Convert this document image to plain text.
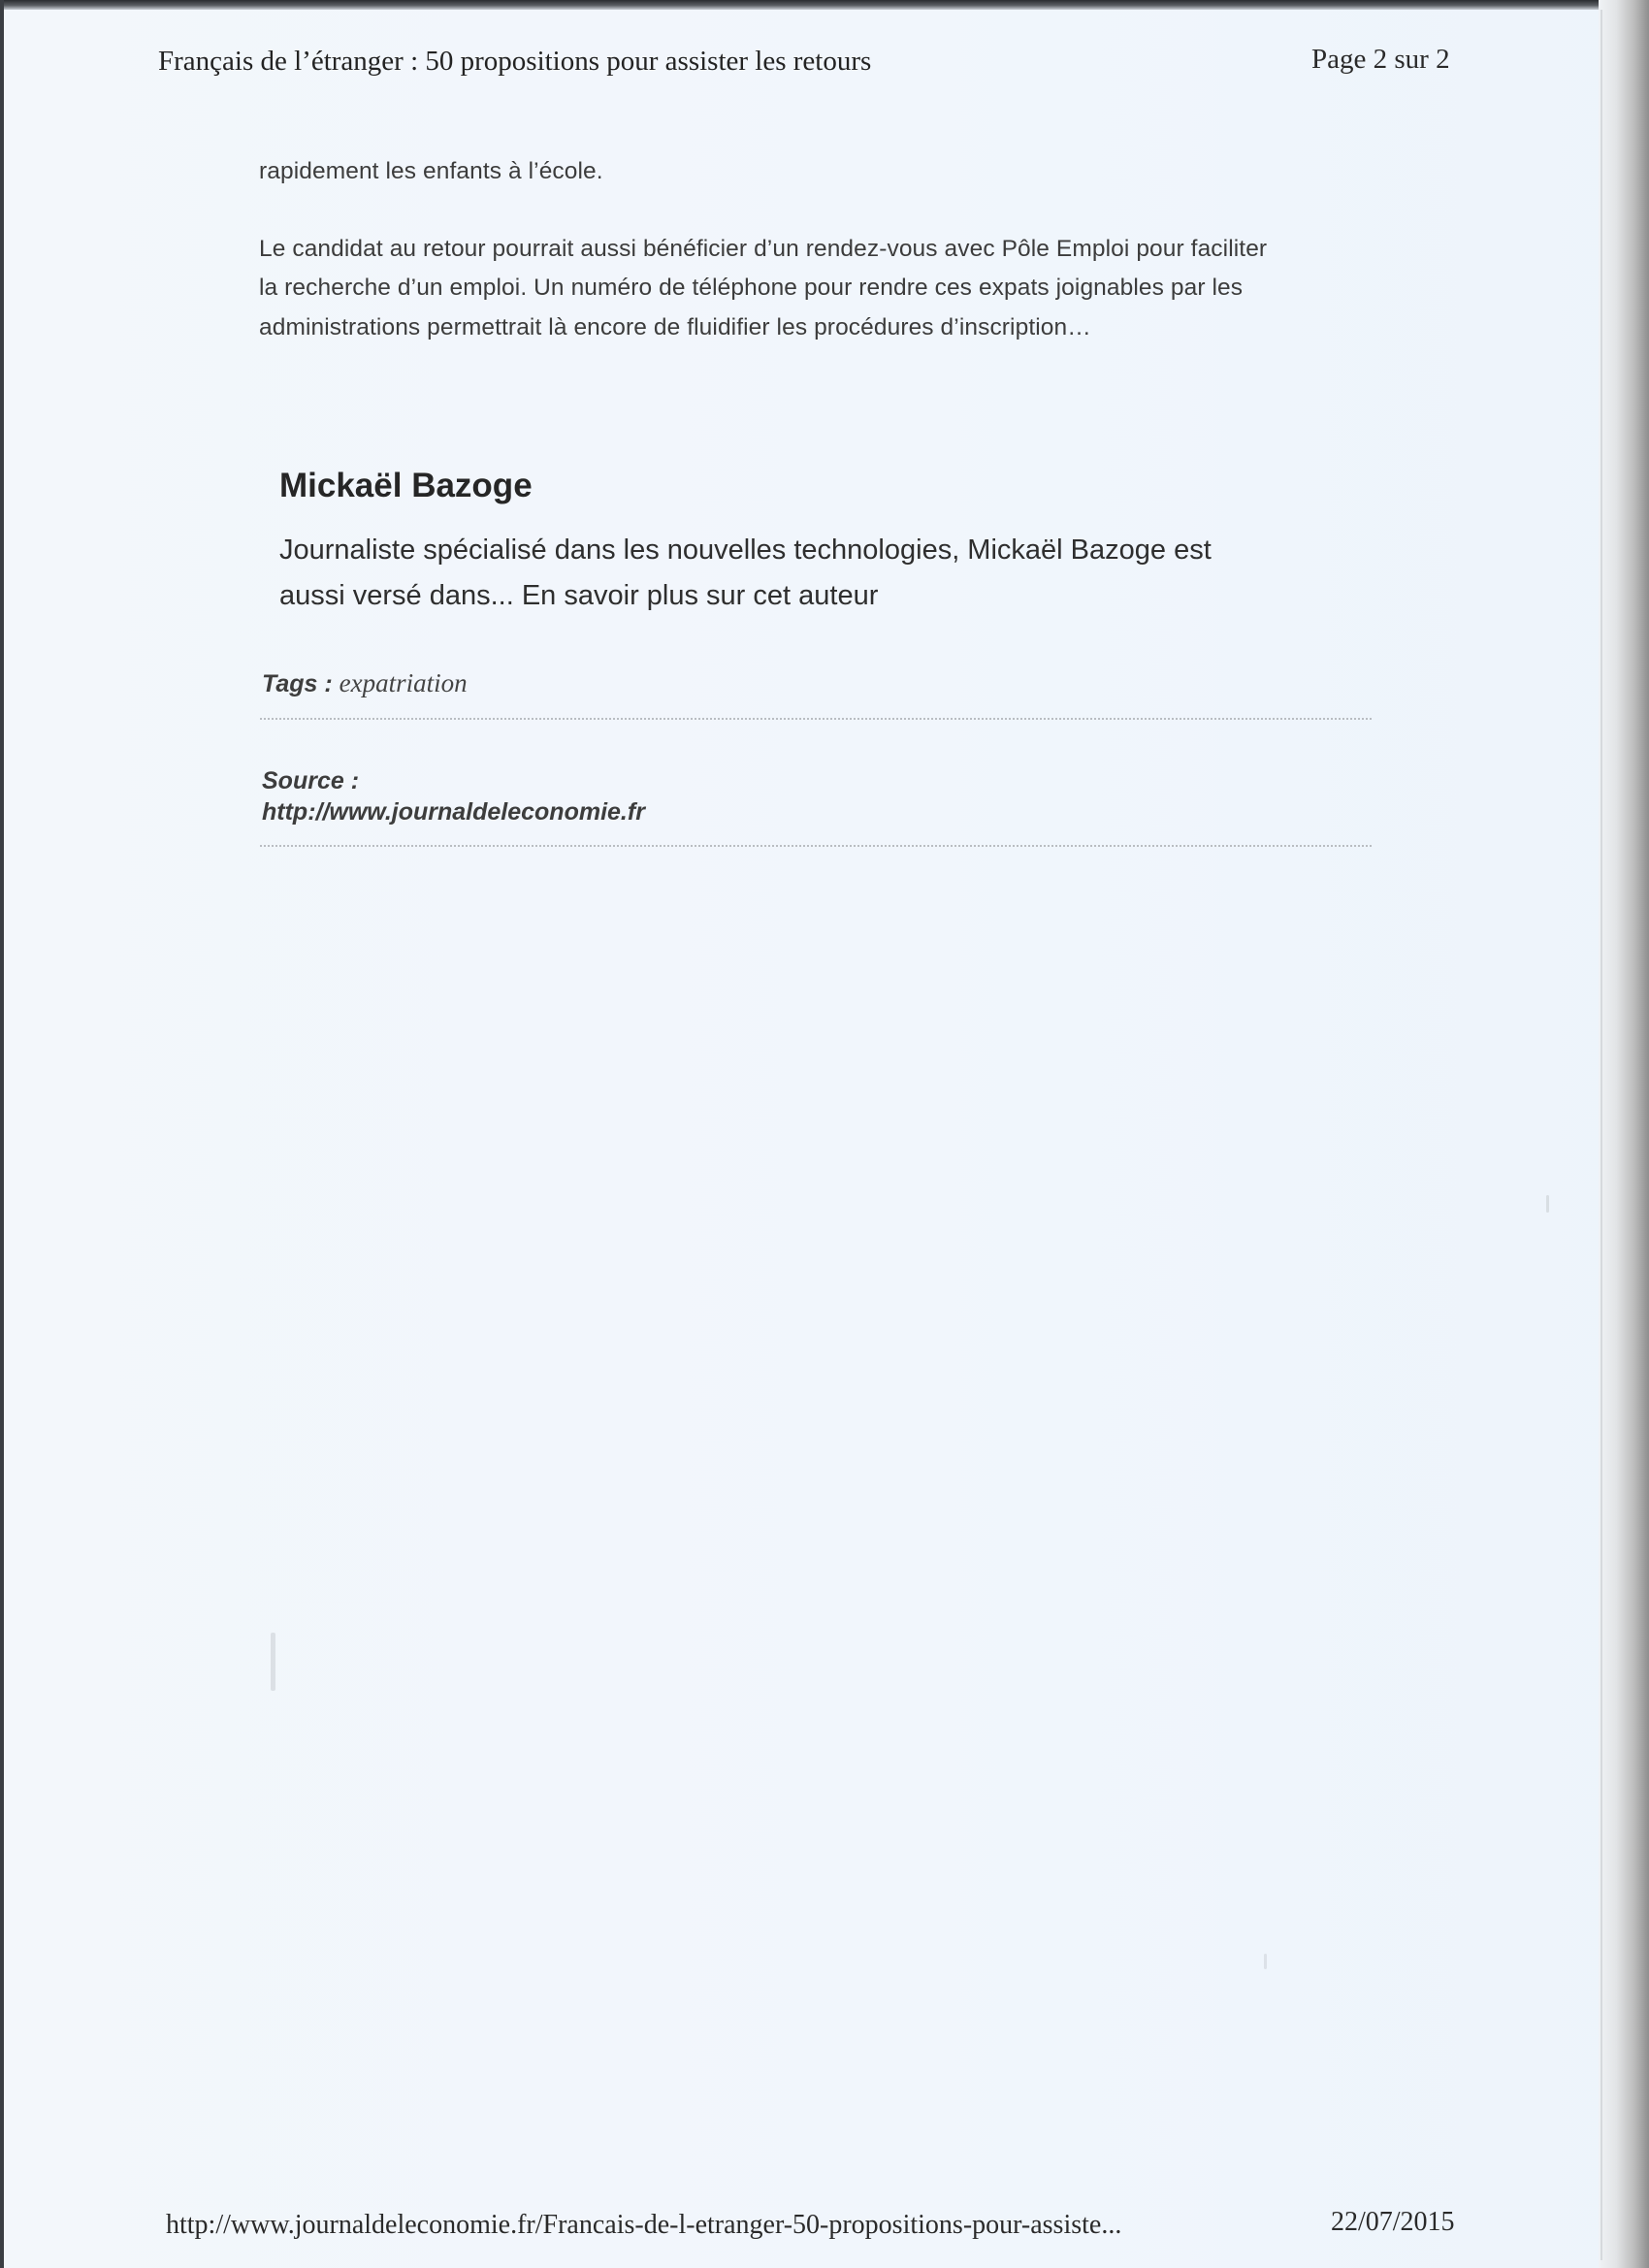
Français de l’étranger : 50 propositions pour assister les retours	Page 2 sur 2
rapidement les enfants à l’école.
Le candidat au retour pourrait aussi bénéficier d’un rendez-vous avec Pôle Emploi pour faciliter
la recherche d’un emploi. Un numéro de téléphone pour rendre ces expats joignables par les
administrations permettrait là encore de fluidifier les procédures d’inscription…
Mickaël Bazoge
Journaliste spécialisé dans les nouvelles technologies, Mickaël Bazoge est
aussi versé dans... En savoir plus sur cet auteur
Tags : expatriation
Source :
http://www.journaldeleconomie.fr
http://www.journaldeleconomie.fr/Francais-de-l-etranger-50-propositions-pour-assiste...	22/07/2015
